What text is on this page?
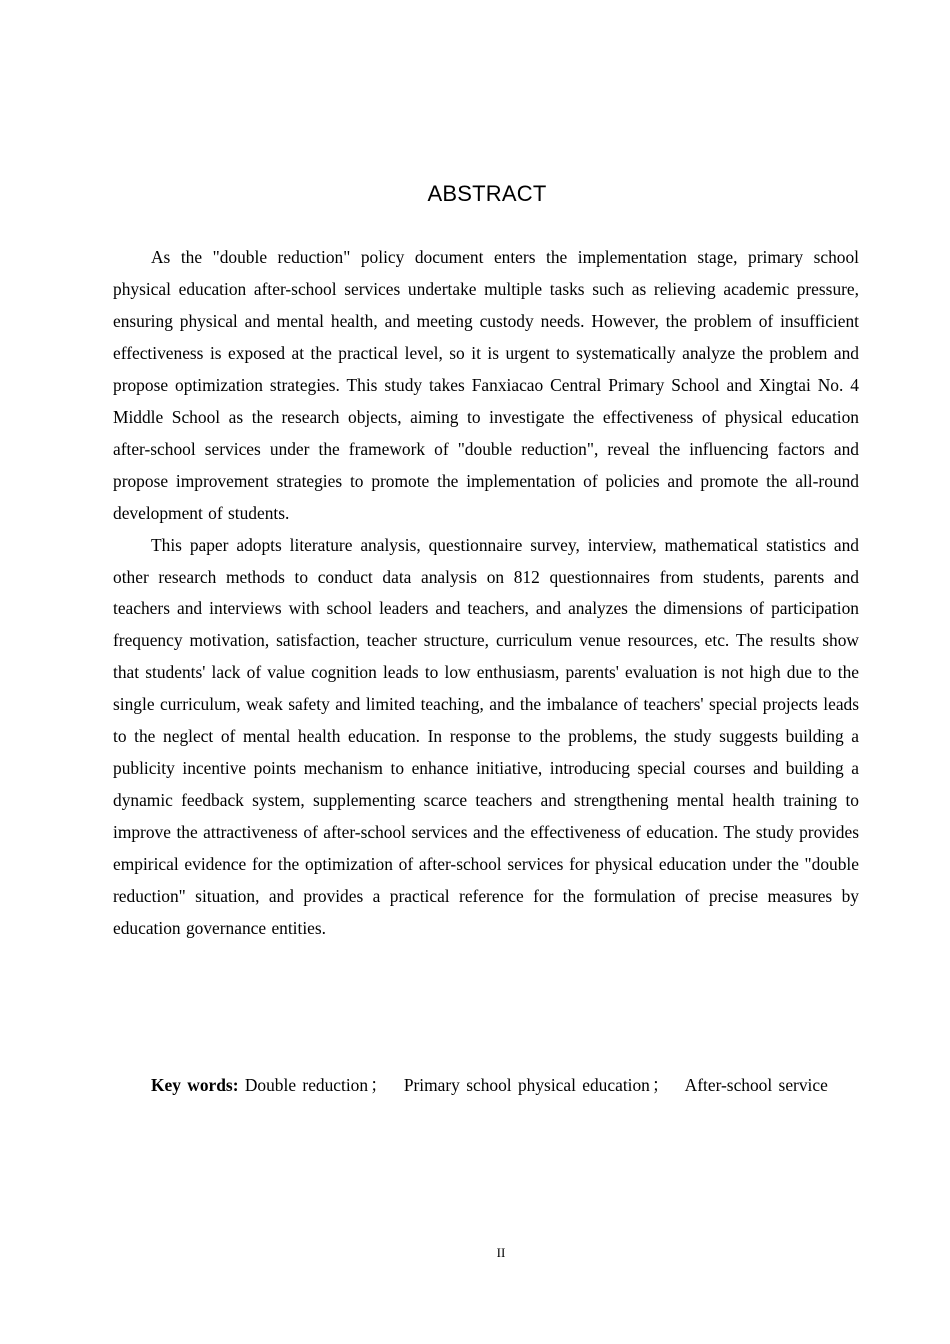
ABSTRACT

As the "double reduction" policy document enters the implementation stage, primary school physical education after-school services undertake multiple tasks such as relieving academic pressure, ensuring physical and mental health, and meeting custody needs. However, the problem of insufficient effectiveness is exposed at the practical level, so it is urgent to systematically analyze the problem and propose optimization strategies. This study takes Fanxiacao Central Primary School and Xingtai No. 4 Middle School as the research objects, aiming to investigate the effectiveness of physical education after-school services under the framework of "double reduction", reveal the influencing factors and propose improvement strategies to promote the implementation of policies and promote the all-round development of students.

This paper adopts literature analysis, questionnaire survey, interview, mathematical statistics and other research methods to conduct data analysis on 812 questionnaires from students, parents and teachers and interviews with school leaders and teachers, and analyzes the dimensions of participation frequency motivation, satisfaction, teacher structure, curriculum venue resources, etc. The results show that students' lack of value cognition leads to low enthusiasm, parents' evaluation is not high due to the single curriculum, weak safety and limited teaching, and the imbalance of teachers' special projects leads to the neglect of mental health education. In response to the problems, the study suggests building a publicity incentive points mechanism to enhance initiative, introducing special courses and building a dynamic feedback system, supplementing scarce teachers and strengthening mental health training to improve the attractiveness of after-school services and the effectiveness of education. The study provides empirical evidence for the optimization of after-school services for physical education under the "double reduction" situation, and provides a practical reference for the formulation of precise measures by education governance entities.

Key words: Double reduction ； Primary school physical education ； After-school service
II
